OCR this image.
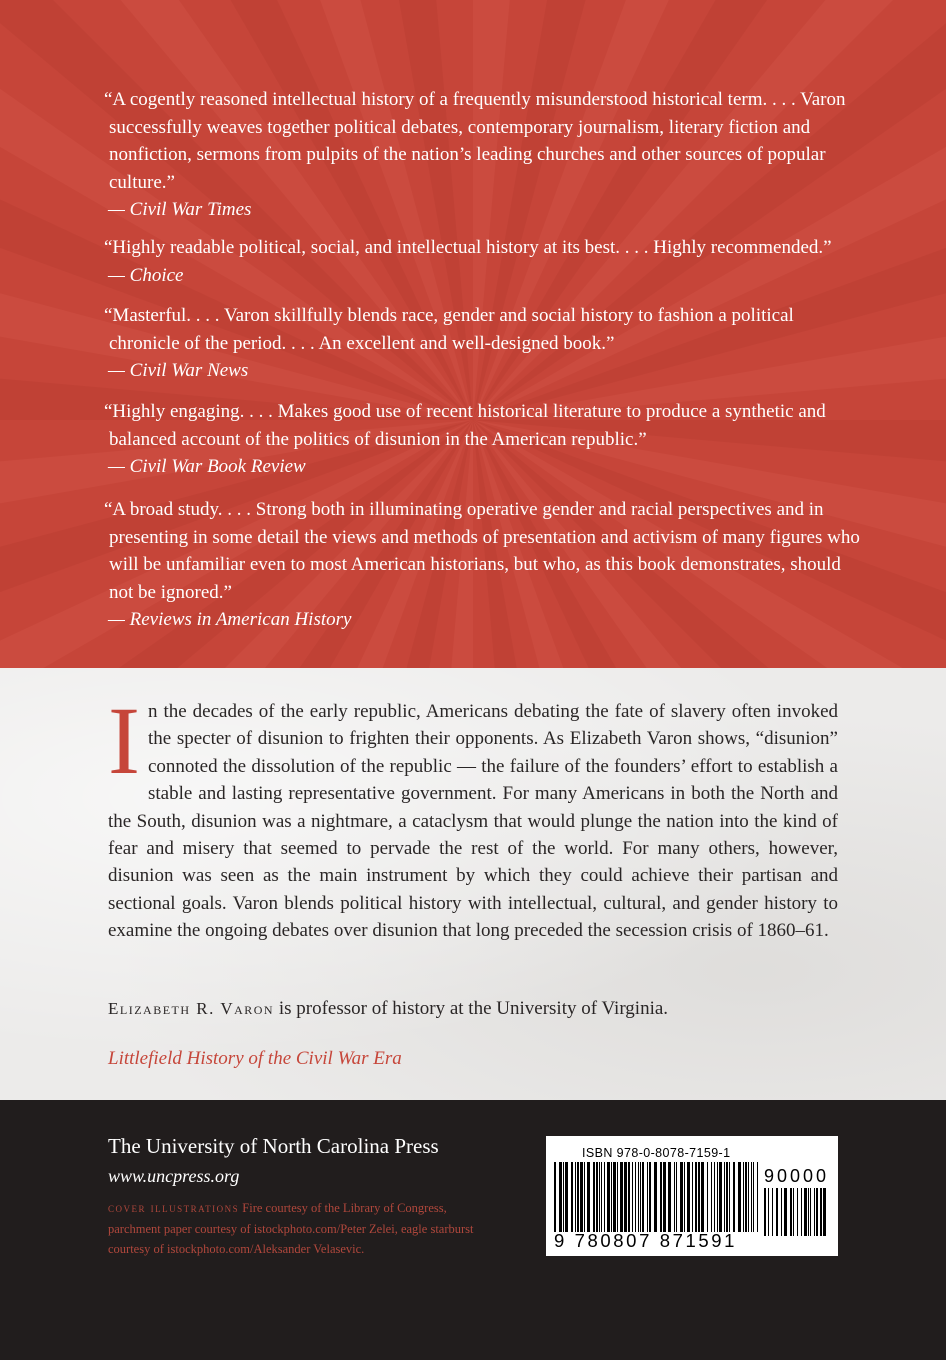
“A cogently reasoned intellectual history of a frequently misunderstood historical term. . . . Varon successfully weaves together political debates, contemporary journalism, literary fiction and nonfiction, sermons from pulpits of the nation’s leading churches and other sources of popular culture.”
— Civil War Times
“Highly readable political, social, and intellectual history at its best. . . . Highly recommended.”
— Choice
“Masterful. . . . Varon skillfully blends race, gender and social history to fashion a political chronicle of the period. . . . An excellent and well-designed book.”
— Civil War News
“Highly engaging. . . . Makes good use of recent historical literature to produce a synthetic and balanced account of the politics of disunion in the American republic.”
— Civil War Book Review
“A broad study. . . . Strong both in illuminating operative gender and racial perspectives and in presenting in some detail the views and methods of presentation and activism of many figures who will be unfamiliar even to most American historians, but who, as this book demonstrates, should not be ignored.”
— Reviews in American History
In the decades of the early republic, Americans debating the fate of slavery often invoked the specter of disunion to frighten their opponents. As Elizabeth Varon shows, “disunion” connoted the dissolution of the republic — the failure of the founders’ effort to establish a stable and lasting representative government. For many Americans in both the North and the South, disunion was a nightmare, a cataclysm that would plunge the nation into the kind of fear and misery that seemed to pervade the rest of the world. For many others, however, disunion was seen as the main instrument by which they could achieve their partisan and sectional goals. Varon blends political history with intellectual, cultural, and gender history to examine the ongoing debates over disunion that long preceded the secession crisis of 1860–61.
Elizabeth R. Varon is professor of history at the University of Virginia.
Littlefield History of the Civil War Era
The University of North Carolina Press
www.uncpress.org
cover illustrations Fire courtesy of the Library of Congress, parchment paper courtesy of istockphoto.com/Peter Zelei, eagle starburst courtesy of istockphoto.com/Aleksander Velasevic.
ISBN 978-0-8078-7159-1
90000
9 780807 871591
